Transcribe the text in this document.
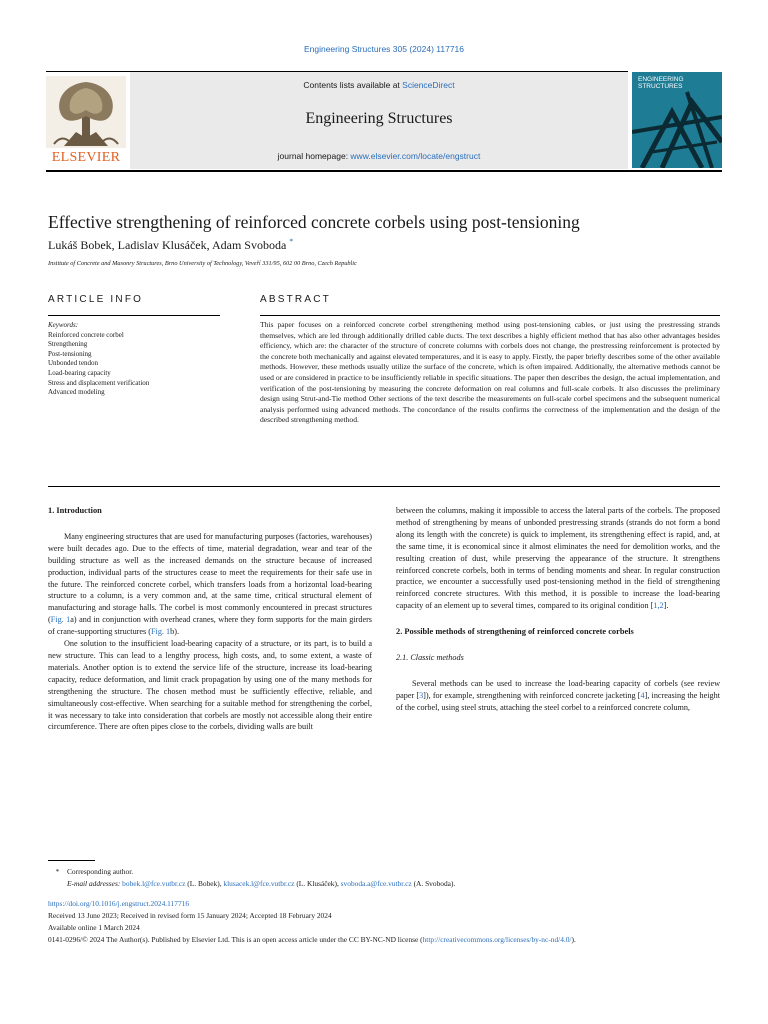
Engineering Structures 305 (2024) 117716
ELSEVIER
Contents lists available at ScienceDirect
Engineering Structures
journal homepage: www.elsevier.com/locate/engstruct
ENGINEERING
STRUCTURES
Effective strengthening of reinforced concrete corbels using post-tensioning
Lukáš Bobek, Ladislav Klusáček, Adam Svoboda *
Institute of Concrete and Masonry Structures, Brno University of Technology, Veveří 331/95, 602 00 Brno, Czech Republic
ARTICLE INFO	ABSTRACT
Keywords:
Reinforced concrete corbel
Strengthening
Post-tensioning
Unbonded tendon
Load-bearing capacity
Stress and displacement verification
Advanced modeling
This paper focuses on a reinforced concrete corbel strengthening method using post-tensioning cables, or just using the prestressing strands themselves, which are led through additionally drilled cable ducts. The text describes a highly efficient method that has also other advantages besides efficiency, which are: the character of the structure of concrete columns with corbels does not change, the prestressing reinforcement is protected by the concrete both mechanically and against elevated temperatures, and it is easy to apply. Firstly, the paper briefly describes some of the other available methods. However, these methods usually utilize the surface of the concrete, which is often impaired. Additionally, the alternative methods cannot be used or are considered in practice to be insufficiently reliable in specific situations. The paper then describes the design, the actual implementation, and verification of the post-tensioning by measuring the concrete deformation on real columns and full-scale corbels. It also discusses the preliminary design using Strut-and-Tie method Other sections of the text describe the measurements on full-scale corbel specimens and the subsequent numerical analysis performed using advanced methods. The concordance of the results confirms the correctness of the implementation and the design of the described strengthening method.
1. Introduction

Many engineering structures that are used for manufacturing purposes (factories, warehouses) were built decades ago. Due to the effects of time, material degradation, wear and tear of the building structure as well as the increased demands on the structure because of increased production, individual parts of the structures cease to meet the requirements for their safe use in the future. The reinforced concrete corbel, which transfers loads from a horizontal load-bearing structure to a column, is a very common and, at the same time, critical structural element of manufacturing and storage halls. The corbel is most commonly encountered in precast structures (Fig. 1a) and in conjunction with overhead cranes, where they form supports for the main girders of crane-supporting structures (Fig. 1b).

One solution to the insufficient load-bearing capacity of a structure, or its part, is to build a new structure. This can lead to a lengthy process, high costs, and, to some extent, a waste of materials. Another option is to extend the service life of the structure, increase its load-bearing capacity, reduce deformation, and limit crack propagation by using one of the many methods for strengthening the structure. The chosen method must be sufficiently effective, reliable, and simultaneously cost-effective. When searching for a suitable method for strengthening the corbel, it was necessary to take into consideration that corbels are mostly not accessible along their entire circumference. There are often pipes close to the corbels, dividing walls are built

between the columns, making it impossible to access the lateral parts of the corbels. The proposed method of strengthening by means of unbonded prestressing strands (strands do not form a bond along its length with the concrete) is quick to implement, its strengthening effect is rapid, and, at the same time, it is economical since it almost eliminates the need for demolition works, and the resulting creation of dust, while preserving the appearance of the structure. It strengthens reinforced concrete corbels, both in terms of bending moments and shear. In regular construction practice, we encounter a successfully used post-tensioning method in the field of strengthening reinforced concrete structures. With this method, it is possible to increase the load-bearing capacity of an element up to several times, compared to its original condition [1,2].

2. Possible methods of strengthening of reinforced concrete corbels
2.1. Classic methods

Several methods can be used to increase the load-bearing capacity of corbels (see review paper [3]), for example, strengthening with reinforced concrete jacketing [4], increasing the height of the corbel, using steel struts, attaching the steel corbel to a reinforced concrete column,

* Corresponding author.
E-mail addresses: bobek.l@fce.vutbr.cz (L. Bobek), klusacek.l@fce.vutbr.cz (L. Klusáček), svoboda.a@fce.vutbr.cz (A. Svoboda).
https://doi.org/10.1016/j.engstruct.2024.117716
Received 13 June 2023; Received in revised form 15 January 2024; Accepted 18 February 2024
Available online 1 March 2024
0141-0296/© 2024 The Author(s). Published by Elsevier Ltd. This is an open access article under the CC BY-NC-ND license (http://creativecommons.org/licenses/by-nc-nd/4.0/).
